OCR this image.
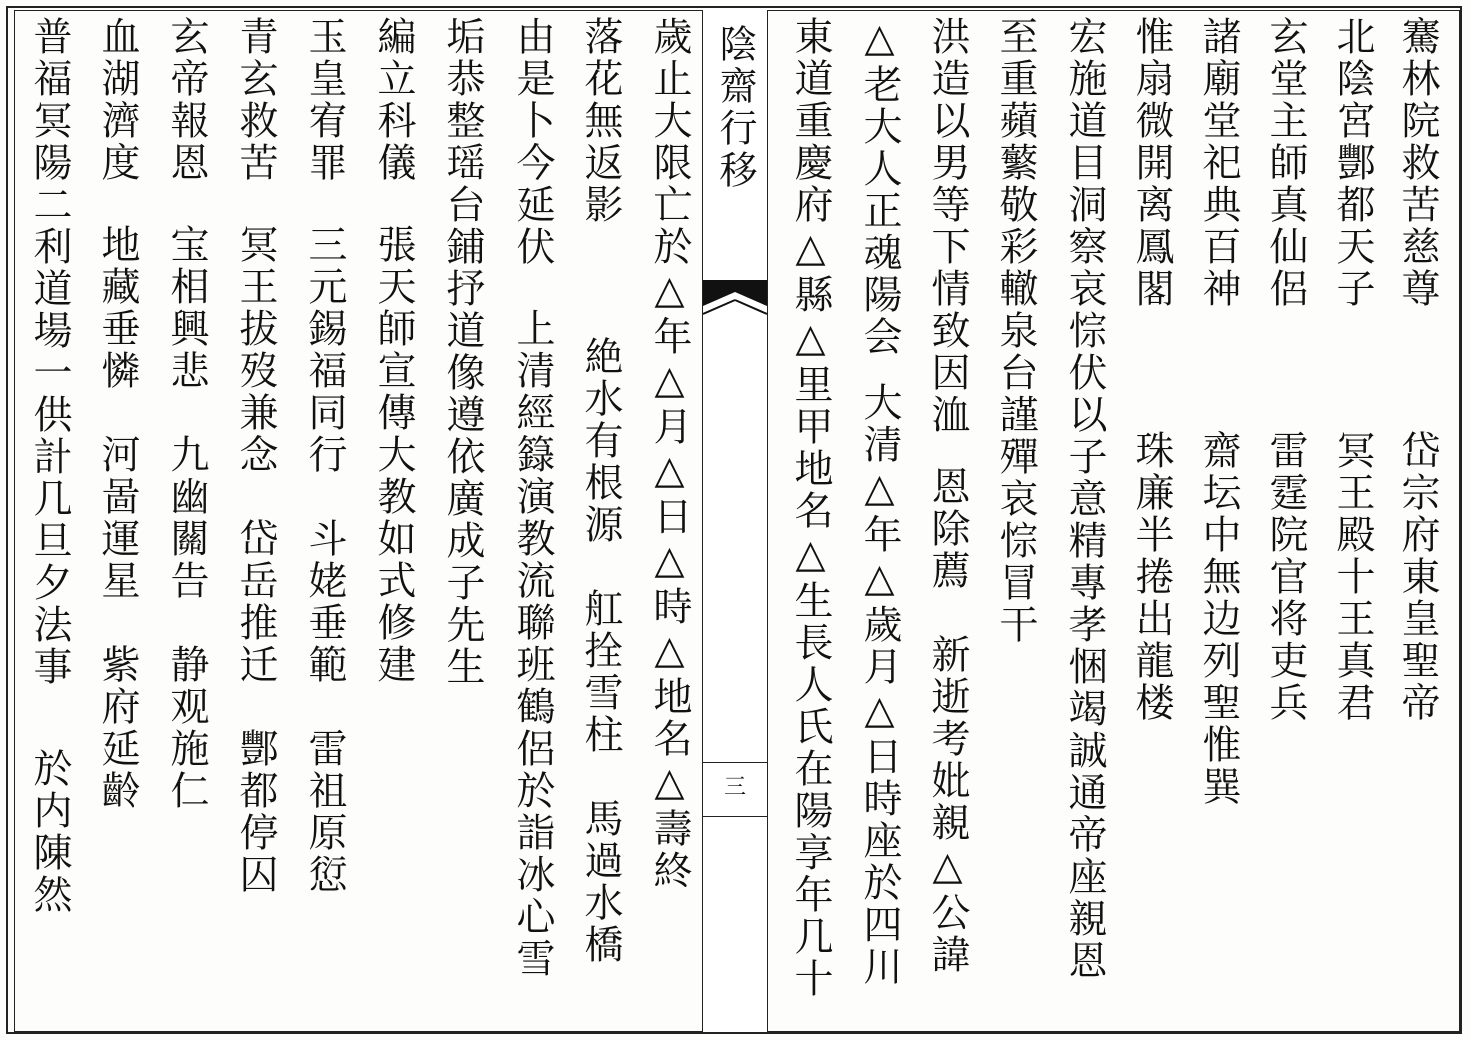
陰齋行移
三
騫林院救苦慈尊岱宗府東皇聖帝
北陰宮酆都天子冥王殿十王真君
玄堂主師真仙侶雷霆院官将吏兵
諸廟堂祀典百神齋坛中無边列聖惟巽
惟扇微開离鳳閣珠廉半捲出龍楼
宏施道目洞察哀悰伏以子意精專孝悃竭誠通帝座親恩
至重蘋蘩敬彩轍泉台謹殫哀悰冒干
洪造以男等下情致因洫恩除薦　新逝考妣親△公諱
△老大人正魂陽会大清△年△歲月△日時座於四川
東道重慶府△縣△里甲地名△生長人氏在陽享年几十
歲止大限亡於△年△月△日△時△地名△壽終
落花無返影絶水有根源　舡拴雪柱　馬過水橋
由是卜今延伏上清經籙演教流聯班鶴侶於詣冰心雪
垢恭整瑶台鋪抒道像遵依廣成子先生
編立科儀張天師宣傳大教如式修建
玉皇宥罪三元錫福同行　斗姥垂範　雷祖原愆
青玄救苦冥王拔歿兼念　岱岳推迁　酆都停囚
玄帝報恩宝相興悲　九幽關告　静观施仁
血湖濟度地藏垂憐　河啚運星　紫府延齡
普福冥陽二利道場一供計几旦夕法事於内陳然
